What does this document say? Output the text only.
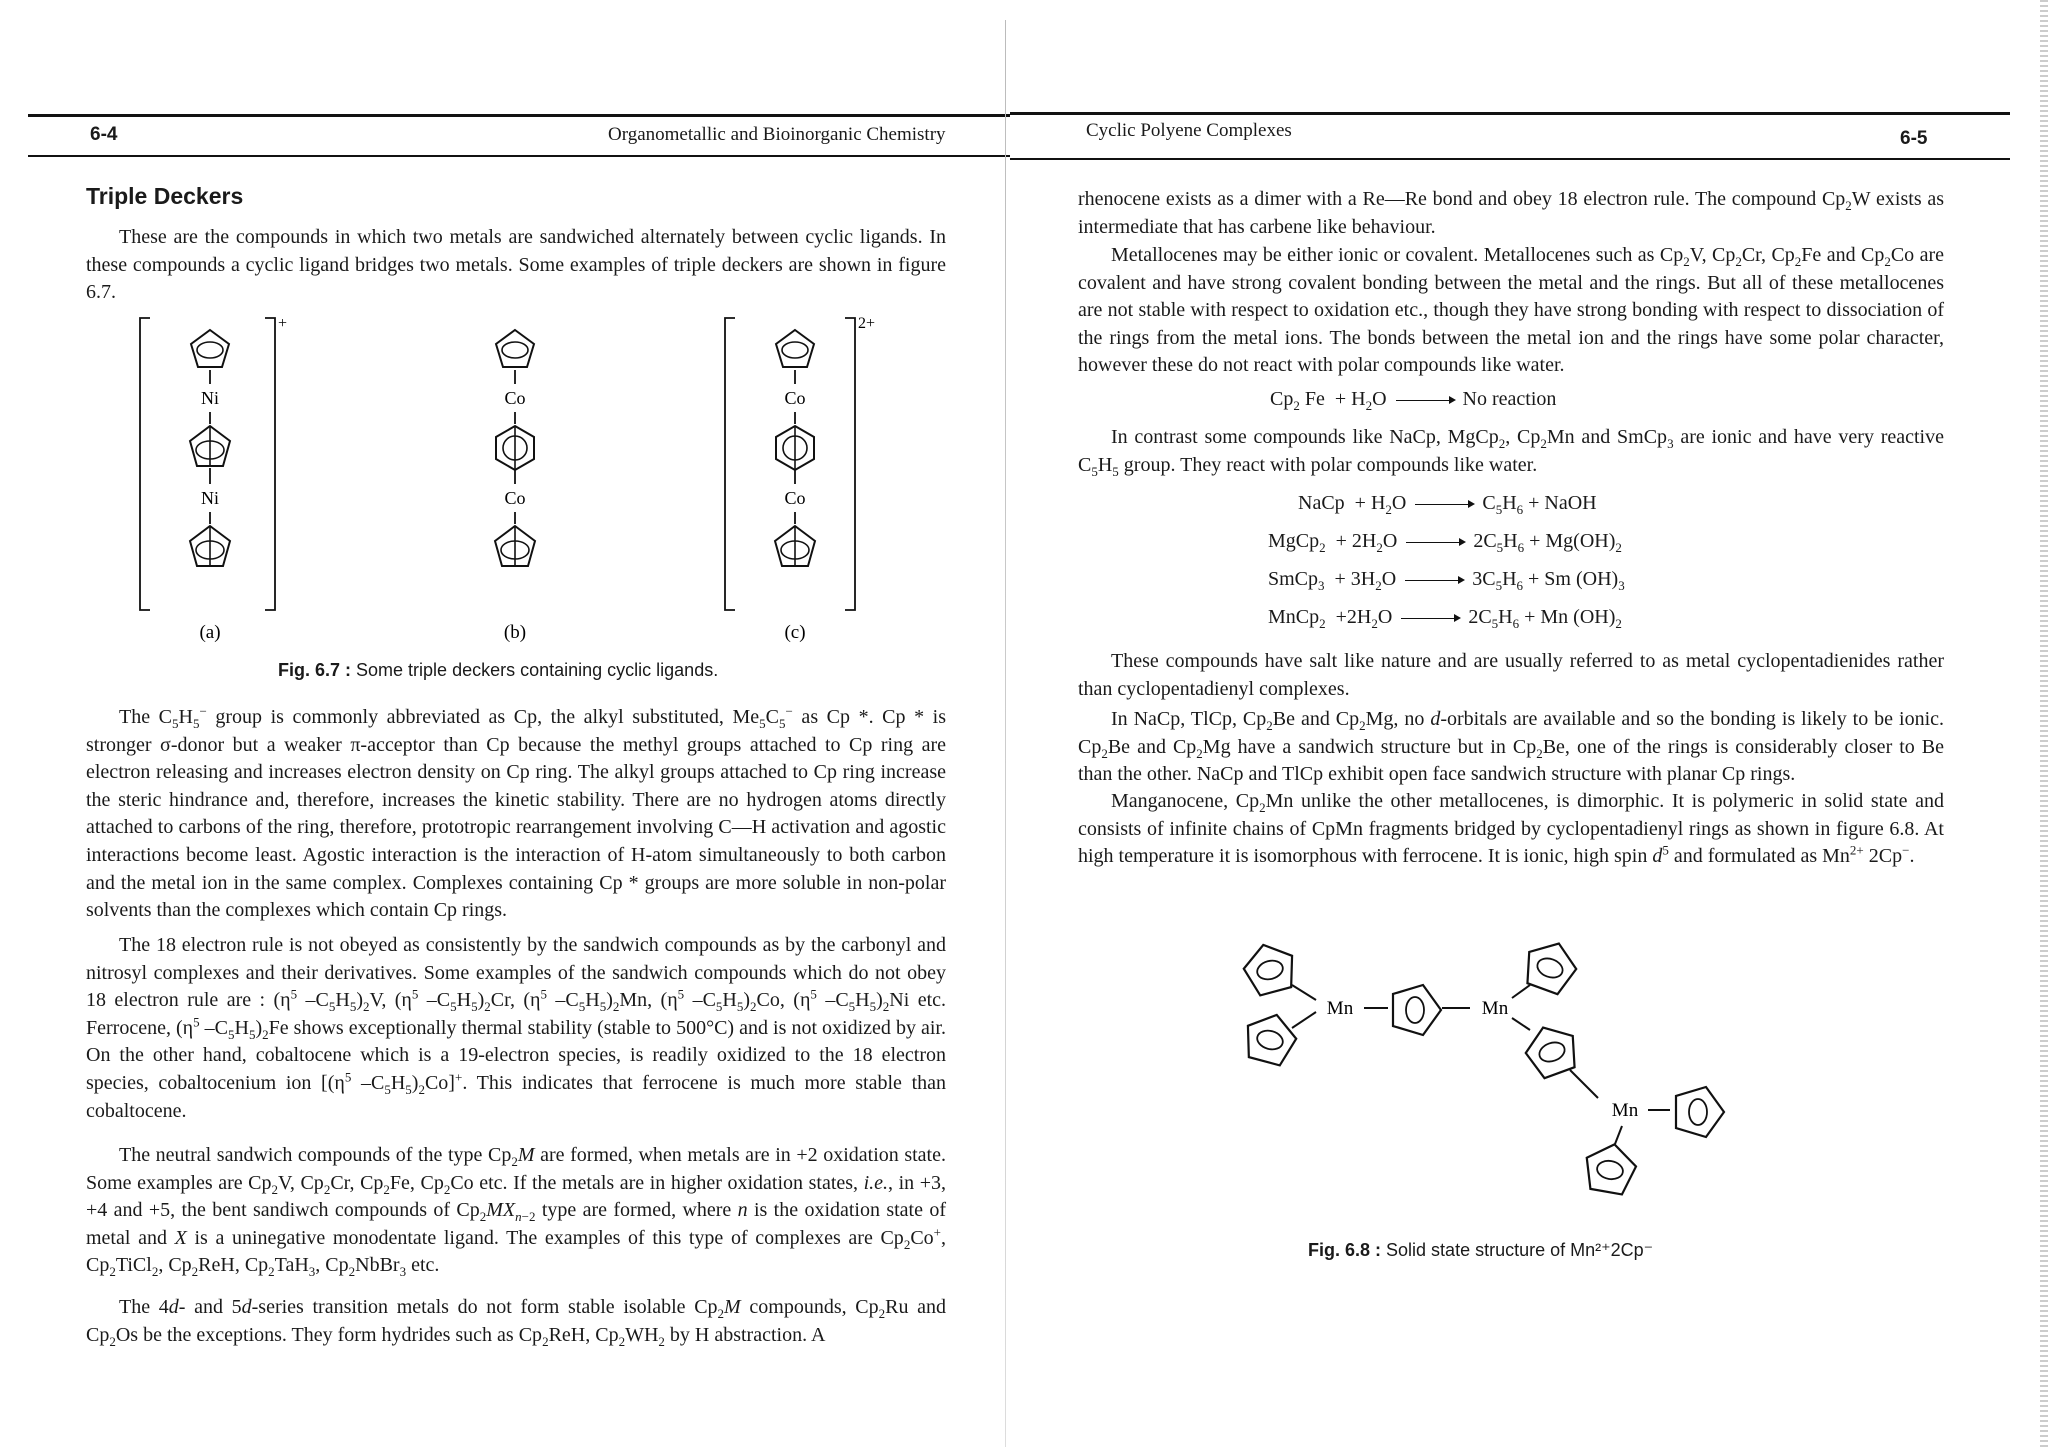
6-4	Organometallic and Bioinorganic Chemistry
Triple Deckers

These are the compounds in which two metals are sandwiched alternately between cyclic ligands. In these compounds a cyclic ligand bridges two metals. Some examples of triple deckers are shown in figure 6.7.

+
Ni
Ni
(a)
Co
Co
(b)
2+
Co
Co
(c)
Fig. 6.7 : Some triple deckers containing cyclic ligands.

The $C_5H_5^-$ group is commonly abbreviated as Cp, the alkyl substituted, $Me_5C_5^-$ as Cp *. Cp * is stronger σ-donor but a weaker π-acceptor than Cp because the methyl groups attached to Cp ring are electron releasing and increases electron density on Cp ring. The alkyl groups attached to Cp ring increase the steric hindrance and, therefore, increases the kinetic stability. There are no hydrogen atoms directly attached to carbons of the ring, therefore, prototropic rearrangement involving C—H activation and agostic interactions become least. Agostic interaction is the interaction of H-atom simultaneously to both carbon and the metal ion in the same complex. Complexes containing Cp * groups are more soluble in non-polar solvents than the complexes which contain Cp rings.

The 18 electron rule is not obeyed as consistently by the sandwich compounds as by the carbonyl and nitrosyl complexes and their derivatives. Some examples of the sandwich compounds which do not obey 18 electron rule are : ($\eta^5$ $-C_5H_5)_2V$, ($\eta^5$ $-C_5H_5)_2Cr$, ($\eta^5$ $-C_5H_5)_2Mn$, ($\eta^5$ $-C_5H_5)_2Co$, ($\eta^5$ $-C_5H_5)_2Ni$ etc. Ferrocene, ($\eta^5$ $-C_5H_5)_2Fe$ shows exceptionally thermal stability (stable to 500°C) and is not oxidized by air. On the other hand, cobaltocene which is a 19-electron species, is readily oxidized to the 18 electron species, cobaltocenium ion [($\eta^5$ $-C_5H_5)_2Co]^+$. This indicates that ferrocene is much more stable than cobaltocene.

The neutral sandwich compounds of the type $Cp_2M$ are formed, when metals are in +2 oxidation state. Some examples are $Cp_2V$, $Cp_2Cr$, $Cp_2Fe$, $Cp_2Co$ etc. If the metals are in higher oxidation states, i.e., in +3, +4 and +5, the bent sandiwch compounds of $Cp_2MX_{n-2}$ type are formed, where n is the oxidation state of metal and X is a uninegative monodentate ligand. The examples of this type of complexes are $Cp_2Co^+$, $Cp_2TiCl_2$, $Cp_2ReH$, $Cp_2TaH_3$, $Cp_2NbBr_3$ etc.

The 4d- and 5d-series transition metals do not form stable isolable $Cp_2M$ compounds, $Cp_2Ru$ and $Cp_2Os$ be the exceptions. They form hydrides such as $Cp_2ReH$, $Cp_2WH_2$ by H abstraction. A

Cyclic Polyene Complexes	6-5

rhenocene exists as a dimer with a Re—Re bond and obey 18 electron rule. The compound $Cp_2W$ exists as intermediate that has carbene like behaviour.

Metallocenes may be either ionic or covalent. Metallocenes such as $Cp_2V$, $Cp_2Cr$, $Cp_2Fe$ and $Cp_2Co$ are covalent and have strong covalent bonding between the metal and the rings. But all of these metallocenes are not stable with respect to oxidation etc., though they have strong bonding with respect to dissociation of the rings from the metal ions. The bonds between the metal ion and the rings have some polar character, however these do not react with polar compounds like water.

$Cp_2$ $Fe + H_2O$	No reaction

In contrast some compounds like NaCp, MgCp$_2$, $Cp_2Mn$ and SmCp$_3$ are ionic and have very reactive $C_5H_5$ group. They react with polar compounds like water.

NaCp  + $H_2O$	$C_5H_6$ + NaOH
MgCp$_2$  + $2H_2O$	$2C_5H_6 + Mg(OH)_2$
SmCp$_3$  + $3H_2O$	$3C_5H_6 + Sm$ $(OH)_3$
MnCp$_2$  $+2H_2O$	$2C_5H_6 + Mn$ $(OH)_2$

These compounds have salt like nature and are usually referred to as metal cyclopentadienides rather than cyclopentadienyl complexes.

In NaCp, TlCp, $Cp_2Be$ and $Cp_2Mg$, no d-orbitals are available and so the bonding is likely to be ionic. $Cp_2Be$ and $Cp_2Mg$ have a sandwich structure but in $Cp_2Be$, one of the rings is considerably closer to Be than the other. NaCp and TlCp exhibit open face sandwich structure with planar Cp rings.

Manganocene, $Cp_2Mn$ unlike the other metallocenes, is dimorphic. It is polymeric in solid state and consists of infinite chains of CpMn fragments bridged by cyclopentadienyl rings as shown in figure 6.8. At high temperature it is isomorphous with ferrocene. It is ionic, high spin $d^5$ and formulated as $Mn^{2+}$ 2Cp−.

Mn	Mn
Mn
Fig. 6.8 : Solid state structure of Mn²⁺2Cp⁻
